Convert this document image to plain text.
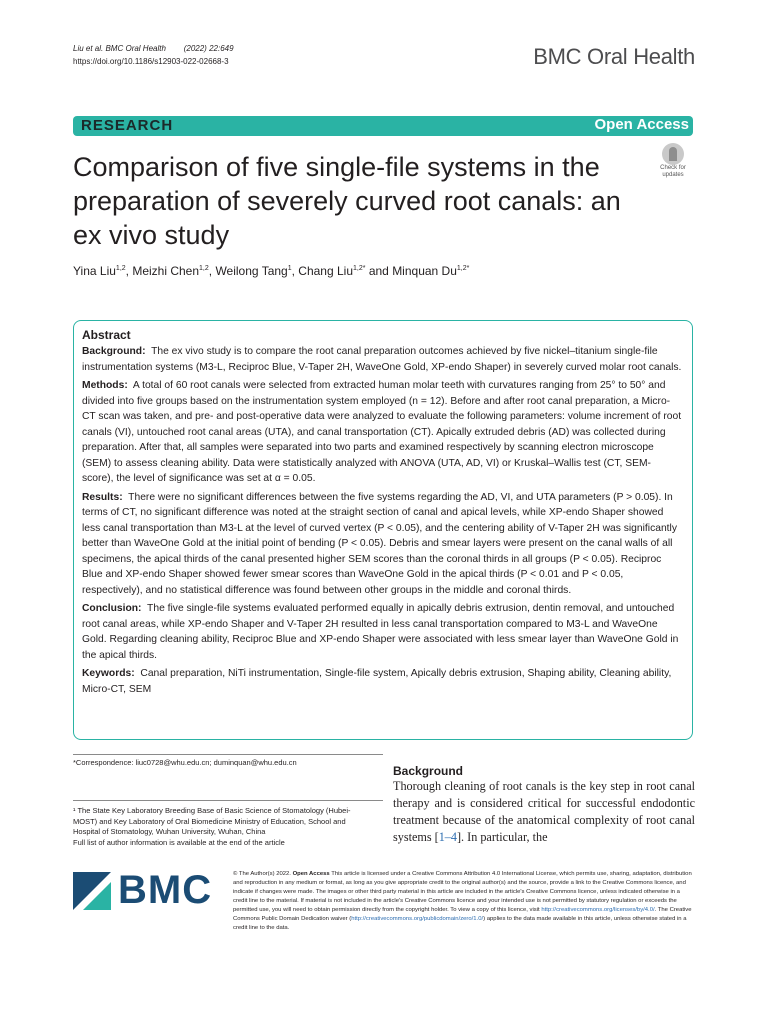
Liu et al. BMC Oral Health (2022) 22:649
https://doi.org/10.1186/s12903-022-02668-3	BMC Oral Health
RESEARCH	Open Access
Check for
updates
Comparison of five single-file systems in the preparation of severely curved root canals: an ex vivo study
Yina Liu$^{1,2}$, Meizhi Chen$^{1,2}$, Weilong Tang$^1$, Chang Liu$^{1,2*}$ and Minquan $Du^{1,2*}$
Abstract

Background: The ex vivo study is to compare the root canal preparation outcomes achieved by five nickel–titanium single-file instrumentation systems (M3-L, Reciproc Blue, V-Taper 2H, WaveOne Gold, XP-endo Shaper) in severely curved molar root canals.

Methods: A total of 60 root canals were selected from extracted human molar teeth with curvatures ranging from 25° to 50° and divided into five groups based on the instrumentation system employed (n = 12). Before and after root canal preparation, a Micro-CT scan was taken, and pre- and post-operative data were analyzed to evaluate the following parameters: volume increment of root canals (VI), untouched root canal areas (UTA), and canal transportation (CT). Apically extruded debris (AD) was collected during preparation. After that, all samples were separated into two parts and examined respectively by scanning electron microscope (SEM) to assess cleaning ability. Data were statistically analyzed with ANOVA (UTA, AD, VI) or Kruskal–Wallis test (CT, SEM-score), the level of significance was set at α = 0.05.

Results: There were no significant differences between the five systems regarding the AD, VI, and UTA parameters (P > 0.05). In terms of CT, no significant difference was noted at the straight section of canal and apical levels, while XP-endo Shaper showed less canal transportation than M3-L at the level of curved vertex (P < 0.05), and the centering ability of V-Taper 2H was significantly better than WaveOne Gold at the initial point of bending (P < 0.05). Debris and smear layers were present on the canal walls of all specimens, the apical thirds of the canal presented higher SEM scores than the coronal thirds in all groups (P < 0.05). Reciproc Blue and XP-endo Shaper showed fewer smear scores than WaveOne Gold in the apical thirds (P < 0.01 and P < 0.05, respectively), and no statistical difference was found between other groups in the middle and coronal thirds.

Conclusion: The five single-file systems evaluated performed equally in apically debris extrusion, dentin removal, and untouched root canal areas, while XP-endo Shaper and V-Taper 2H resulted in less canal transportation compared to M3-L and WaveOne Gold. Regarding cleaning ability, Reciproc Blue and XP-endo Shaper were associated with less smear layer than WaveOne Gold in the apical thirds.

Keywords: Canal preparation, NiTi instrumentation, Single-file system, Apically debris extrusion, Shaping ability, Cleaning ability, Micro-CT, SEM

*Correspondence: liuc0728@whu.edu.cn; duminquan@whu.edu.cn
¹ The State Key Laboratory Breeding Base of Basic Science of Stomatology (Hubei-MOST) and Key Laboratory of Oral Biomedicine Ministry of Education, School and Hospital of Stomatology, Wuhan University, Wuhan, China
Full list of author information is available at the end of the article
Background
Thorough cleaning of root canals is the key step in root canal therapy and is considered critical for successful endodontic treatment because of the anatomical complexity of root canal systems [1–4]. In particular, the
BMC	© The Author(s) 2022. Open Access This article is licensed under a Creative Commons Attribution 4.0 International License, which permits use, sharing, adaptation, distribution and reproduction in any medium or format, as long as you give appropriate credit to the original author(s) and the source, provide a link to the Creative Commons licence, and indicate if changes were made. The images or other third party material in this article are included in the article's Creative Commons licence, unless indicated otherwise in a credit line to the material. If material is not included in the article's Creative Commons licence and your intended use is not permitted by statutory regulation or exceeds the permitted use, you will need to obtain permission directly from the copyright holder. To view a copy of this licence, visit http://creativecommons.org/licenses/by/4.0/. The Creative Commons Public Domain Dedication waiver (http://creativecommons.org/publicdomain/zero/1.0/) applies to the data made available in this article, unless otherwise stated in a credit line to the data.
